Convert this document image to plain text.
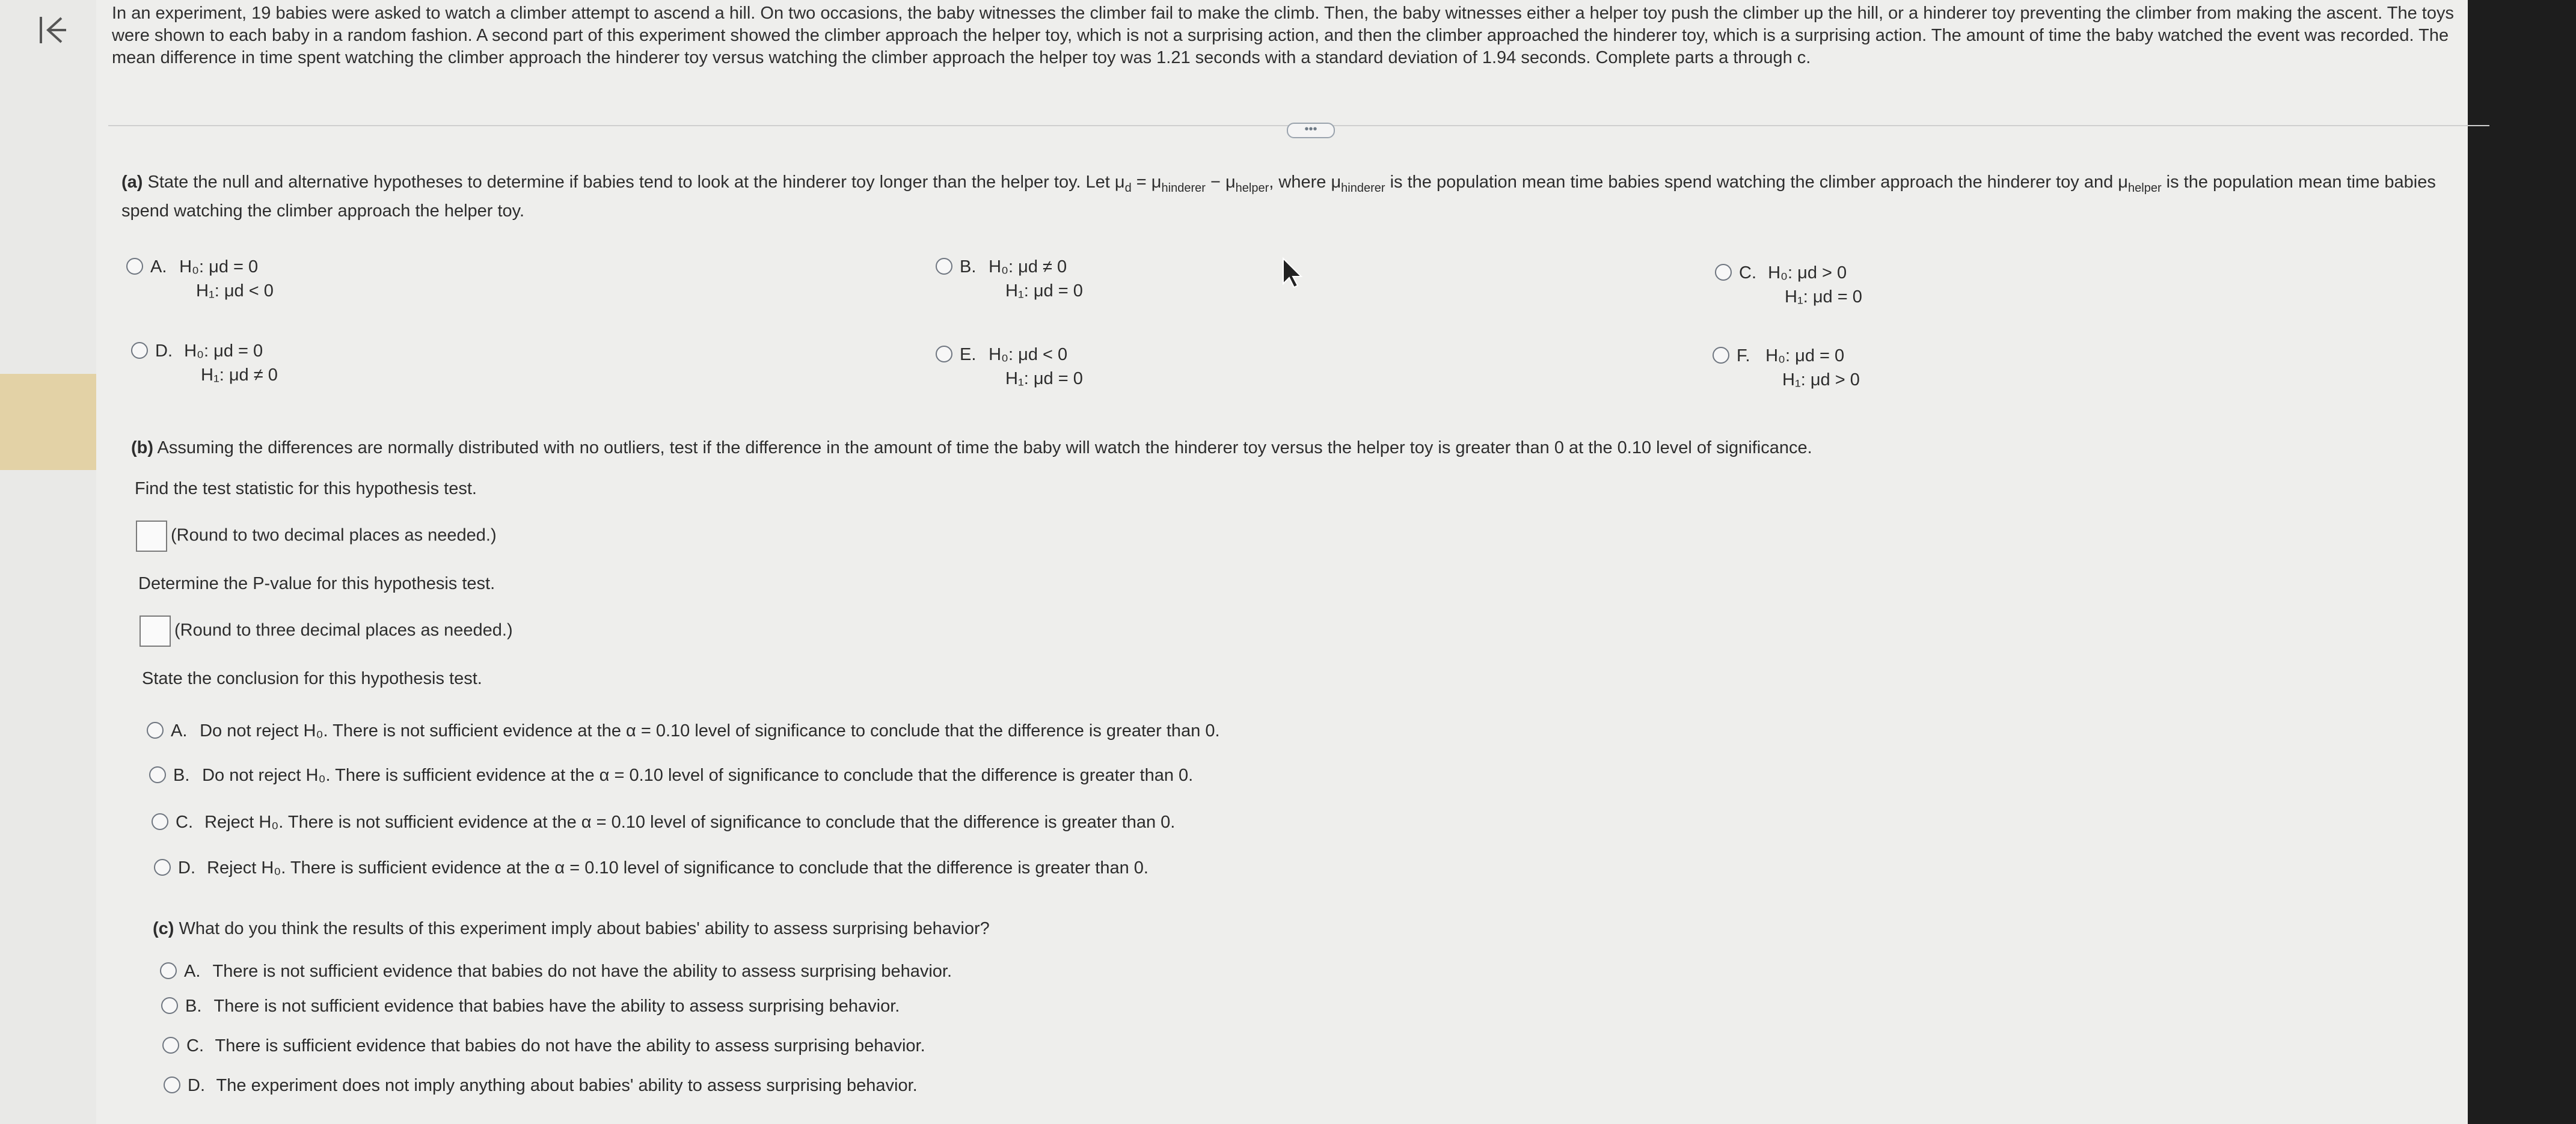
In an experiment, 19 babies were asked to watch a climber attempt to ascend a hill. On two occasions, the baby witnesses the climber fail to make the climb. Then, the baby witnesses either a helper toy push the climber up the hill, or a hinderer toy preventing the climber from making the ascent. The toys were shown to each baby in a random fashion. A second part of this experiment showed the climber approach the helper toy, which is not a surprising action, and then the climber approached the hinderer toy, which is a surprising action. The amount of time the baby watched the event was recorded. The mean difference in time spent watching the climber approach the hinderer toy versus watching the climber approach the helper toy was 1.21 seconds with a standard deviation of 1.94 seconds. Complete parts a through c.
•••
(a) State the null and alternative hypotheses to determine if babies tend to look at the hinderer toy longer than the helper toy. Let $\mu_d = \mu_{hinderer} - \mu_{helper}$, where $\mu_{hinderer}$ is the population mean time babies spend watching the climber approach the hinderer toy and $\mu_{helper}$ is the population mean time babies spend watching the climber approach the helper toy.
A. H₀: μd = 0
H₁: μd < 0
B. H₀: μd ≠ 0
H₁: μd = 0
C. H₀: μd > 0
H₁: μd = 0
D. H₀: μd = 0
H₁: μd ≠ 0
E. H₀: μd < 0
H₁: μd = 0
F. H₀: μd = 0
H₁: μd > 0
(b) Assuming the differences are normally distributed with no outliers, test if the difference in the amount of time the baby will watch the hinderer toy versus the helper toy is greater than 0 at the 0.10 level of significance.
Find the test statistic for this hypothesis test.
(Round to two decimal places as needed.)
Determine the P-value for this hypothesis test.
(Round to three decimal places as needed.)
State the conclusion for this hypothesis test.
A. Do not reject H₀. There is not sufficient evidence at the α = 0.10 level of significance to conclude that the difference is greater than 0.
B. Do not reject H₀. There is sufficient evidence at the α = 0.10 level of significance to conclude that the difference is greater than 0.
C. Reject H₀. There is not sufficient evidence at the α = 0.10 level of significance to conclude that the difference is greater than 0.
D. Reject H₀. There is sufficient evidence at the α = 0.10 level of significance to conclude that the difference is greater than 0.
(c) What do you think the results of this experiment imply about babies' ability to assess surprising behavior?
A. There is not sufficient evidence that babies do not have the ability to assess surprising behavior.
B. There is not sufficient evidence that babies have the ability to assess surprising behavior.
C. There is sufficient evidence that babies do not have the ability to assess surprising behavior.
D. The experiment does not imply anything about babies' ability to assess surprising behavior.
